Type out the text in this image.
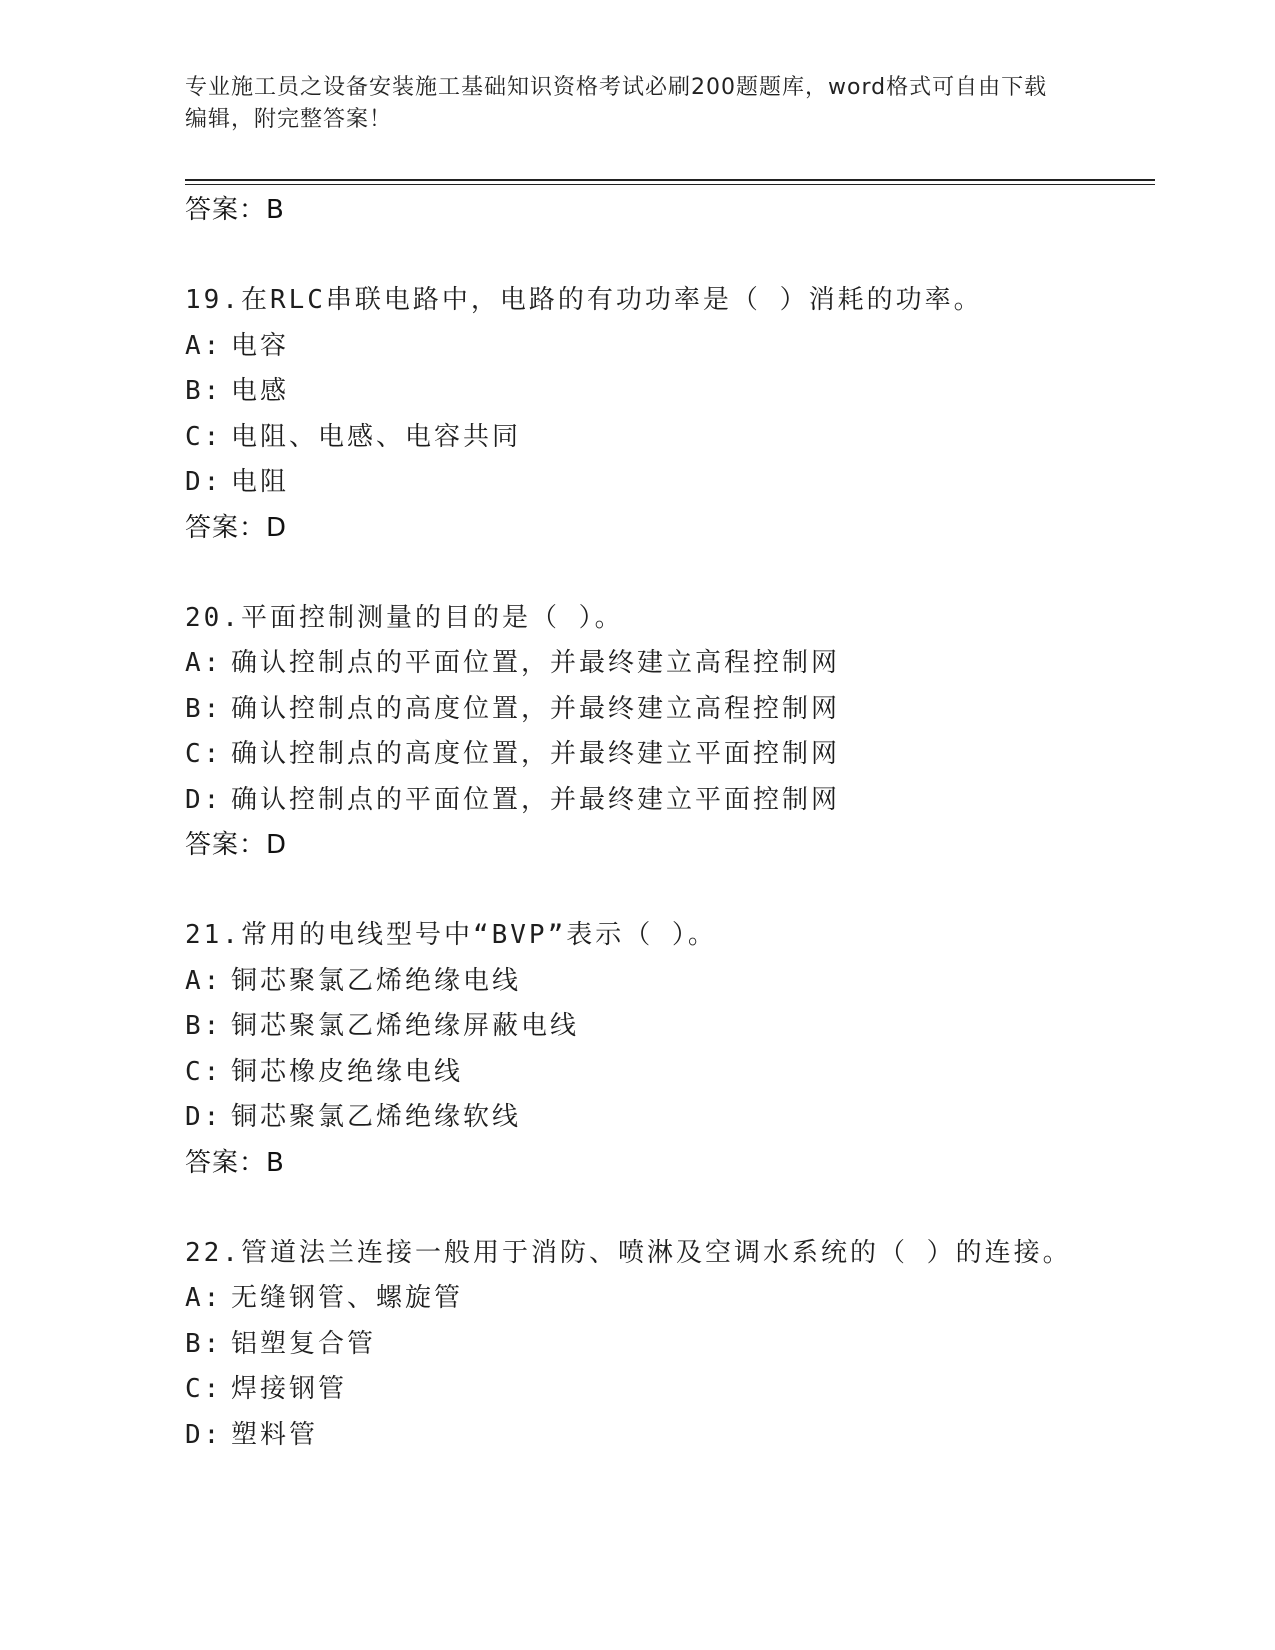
专业施工员之设备安装施工基础知识资格考试必刷200题题库，word格式可自由下载编辑，附完整答案！
答案：B
19.在RLC串联电路中，电路的有功功率是（ ）消耗的功率。
A: 电容
B: 电感
C: 电阻、电感、电容共同
D: 电阻
答案：D
20.平面控制测量的目的是（ ）。
A: 确认控制点的平面位置，并最终建立高程控制网
B: 确认控制点的高度位置，并最终建立高程控制网
C: 确认控制点的高度位置，并最终建立平面控制网
D: 确认控制点的平面位置，并最终建立平面控制网
答案：D
21.常用的电线型号中“BVP”表示（ ）。
A: 铜芯聚氯乙烯绝缘电线
B: 铜芯聚氯乙烯绝缘屏蔽电线
C: 铜芯橡皮绝缘电线
D: 铜芯聚氯乙烯绝缘软线
答案：B
22.管道法兰连接一般用于消防、喷淋及空调水系统的（ ）的连接。
A: 无缝钢管、螺旋管
B: 铝塑复合管
C: 焊接钢管
D: 塑料管
